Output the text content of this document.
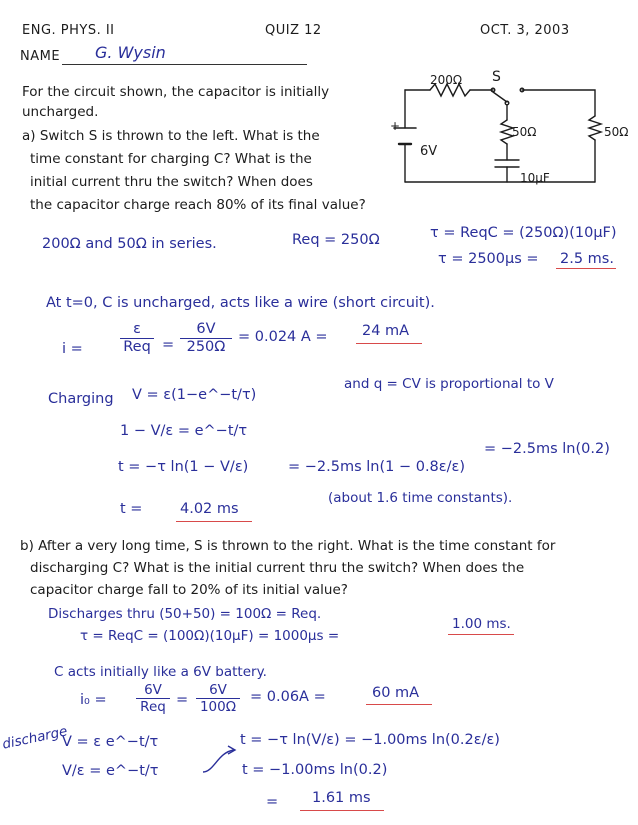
ENG. PHYS. II	QUIZ 12	OCT. 3, 2003
NAME G. Wysin
For the circuit shown, the capacitor is initially
uncharged.
a) Switch S is thrown to the left. What is the
time constant for charging C? What is the
initial current thru the switch? When does
the capacitor charge reach 80% of its final value?
200Ω S
+
6V
50Ω	50Ω
10μF
200Ω and 50Ω in series.	Req = 250Ω	τ = ReqC = (250Ω)(10μF)
τ = 2500μs = 2.5 ms.
At t=0, C is uncharged, acts like a wire (short circuit).
i =
ε
Req =
6V
250Ω
= 0.024 A = 24 mA
Charging V = ε(1−e^−t/τ)
and q = CV is proportional to V
1 − V/ε = e^−t/τ
t = −τ ln(1 − V/ε)	= −2.5ms ln(1 − 0.8ε/ε)
= −2.5ms ln(0.2)
t =	4.02 ms
(about 1.6 time constants).
b) After a very long time, S is thrown to the right. What is the time constant for
discharging C? What is the initial current thru the switch? When does the
capacitor charge fall to 20% of its initial value?
Discharges thru (50+50) = 100Ω = Req.
τ = ReqC = (100Ω)(10μF) = 1000μs =
1.00 ms.
C acts initially like a 6V battery.
i₀ =
6V
Req =
6V
100Ω
= 0.06A =	60 mA
discharge
V = ε e^−t/τ
V/ε = e^−t/τ
t = −τ ln(V/ε) = −1.00ms ln(0.2ε/ε)
t = −1.00ms ln(0.2)
= 1.61 ms
